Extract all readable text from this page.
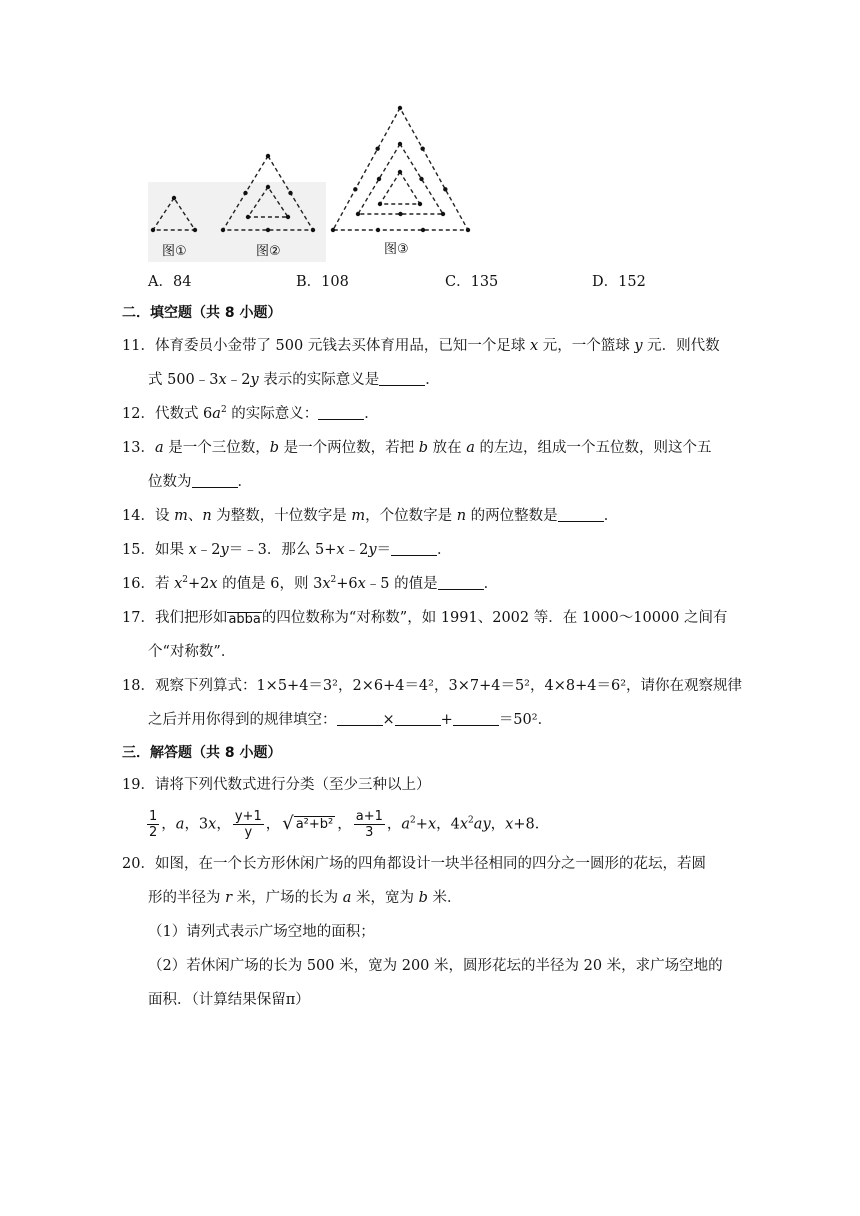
图①	图②	图③
A．84	B．108	C．135	D．152
二．填空题（共 8 小题）
11．体育委员小金带了 500 元钱去买体育用品，已知一个足球 x 元，一个篮球 y 元．则代数
式 500﹣3x﹣2y 表示的实际意义是	．
12．代数式 $6a^2$ 的实际意义：	．
13．a 是一个三位数，b 是一个两位数，若把 b 放在 a 的左边，组成一个五位数，则这个五
位数为	．
14．设 m、n 为整数，十位数字是 m，个位数字是 n 的两位整数是	．
15．如果 x﹣2y＝﹣3．那么 5+x﹣2y＝	．
16．若 $x^2+2x$ 的值是 6，则 $3x^2+6x﹣5$ 的值是	．
17．我们把形如abba的四位数称为“对称数”，如 1991、2002 等．在 1000～10000 之间有
个“对称数”．
18．观察下列算式：1×5+4＝3²，2×6+4＝4²，3×7+4＝5²，4×8+4＝6²，请你在观察规律
之后并用你得到的规律填空：	×	+	＝50²．
三．解答题（共 8 小题）
19．请将下列代数式进行分类（至少三种以上）
$\frac{1}{2}$ ，a，3x， $\frac{y+1}{y}$ ， √ a²+b² ， $\frac{a+1}{3}$ ，$a^2+x$，$4x^2ay$，x+8．
20．如图，在一个长方形休闲广场的四角都设计一块半径相同的四分之一圆形的花坛，若圆
形的半径为 r 米，广场的长为 a 米，宽为 b 米．
（1）请列式表示广场空地的面积；
（2）若休闲广场的长为 500 米，宽为 200 米，圆形花坛的半径为 20 米，求广场空地的
面积．（计算结果保留π）
